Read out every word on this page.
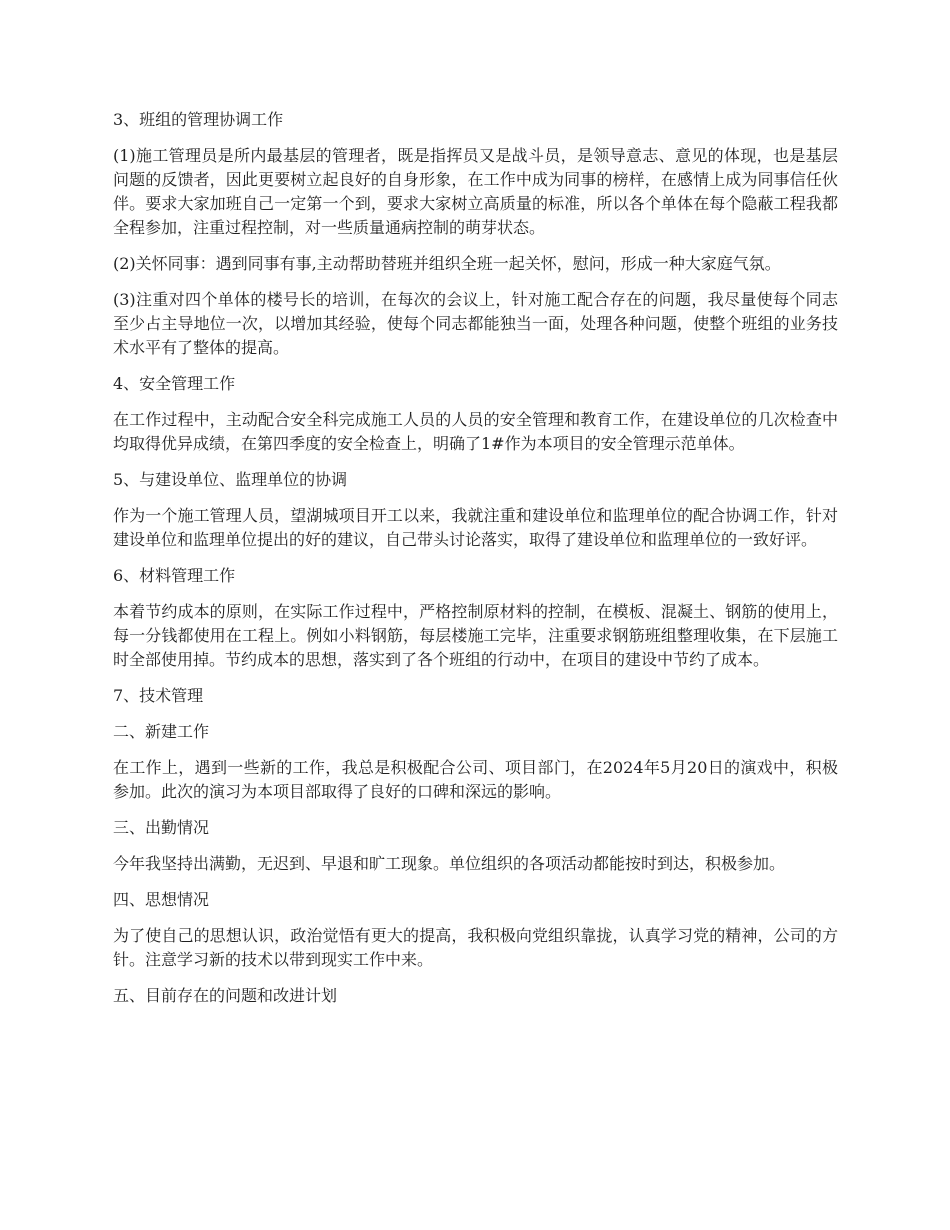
3、班组的管理协调工作

(1)施工管理员是所内最基层的管理者，既是指挥员又是战斗员，是领导意志、意见的体现，也是基层问题的反馈者，因此更要树立起良好的自身形象，在工作中成为同事的榜样，在感情上成为同事信任伙伴。要求大家加班自己一定第一个到，要求大家树立高质量的标准，所以各个单体在每个隐蔽工程我都全程参加，注重过程控制，对一些质量通病控制的萌芽状态。

(2)关怀同事：遇到同事有事,主动帮助替班并组织全班一起关怀，慰问，形成一种大家庭气氛。

(3)注重对四个单体的楼号长的培训，在每次的会议上，针对施工配合存在的问题，我尽量使每个同志至少占主导地位一次，以增加其经验，使每个同志都能独当一面，处理各种问题，使整个班组的业务技术水平有了整体的提高。

4、安全管理工作

在工作过程中，主动配合安全科完成施工人员的人员的安全管理和教育工作，在建设单位的几次检查中均取得优异成绩，在第四季度的安全检查上，明确了1#作为本项目的安全管理示范单体。

5、与建设单位、监理单位的协调

作为一个施工管理人员，望湖城项目开工以来，我就注重和建设单位和监理单位的配合协调工作，针对建设单位和监理单位提出的好的建议，自己带头讨论落实，取得了建设单位和监理单位的一致好评。

6、材料管理工作

本着节约成本的原则，在实际工作过程中，严格控制原材料的控制，在模板、混凝土、钢筋的使用上，每一分钱都使用在工程上。例如小料钢筋，每层楼施工完毕，注重要求钢筋班组整理收集，在下层施工时全部使用掉。节约成本的思想，落实到了各个班组的行动中，在项目的建设中节约了成本。

7、技术管理
二、新建工作

在工作上，遇到一些新的工作，我总是积极配合公司、项目部门，在2024年5月20日的演戏中，积极参加。此次的演习为本项目部取得了良好的口碑和深远的影响。

三、出勤情况

今年我坚持出满勤，无迟到、早退和旷工现象。单位组织的各项活动都能按时到达，积极参加。

四、思想情况

为了使自己的思想认识，政治觉悟有更大的提高，我积极向党组织靠拢，认真学习党的精神，公司的方针。注意学习新的技术以带到现实工作中来。

五、目前存在的问题和改进计划
